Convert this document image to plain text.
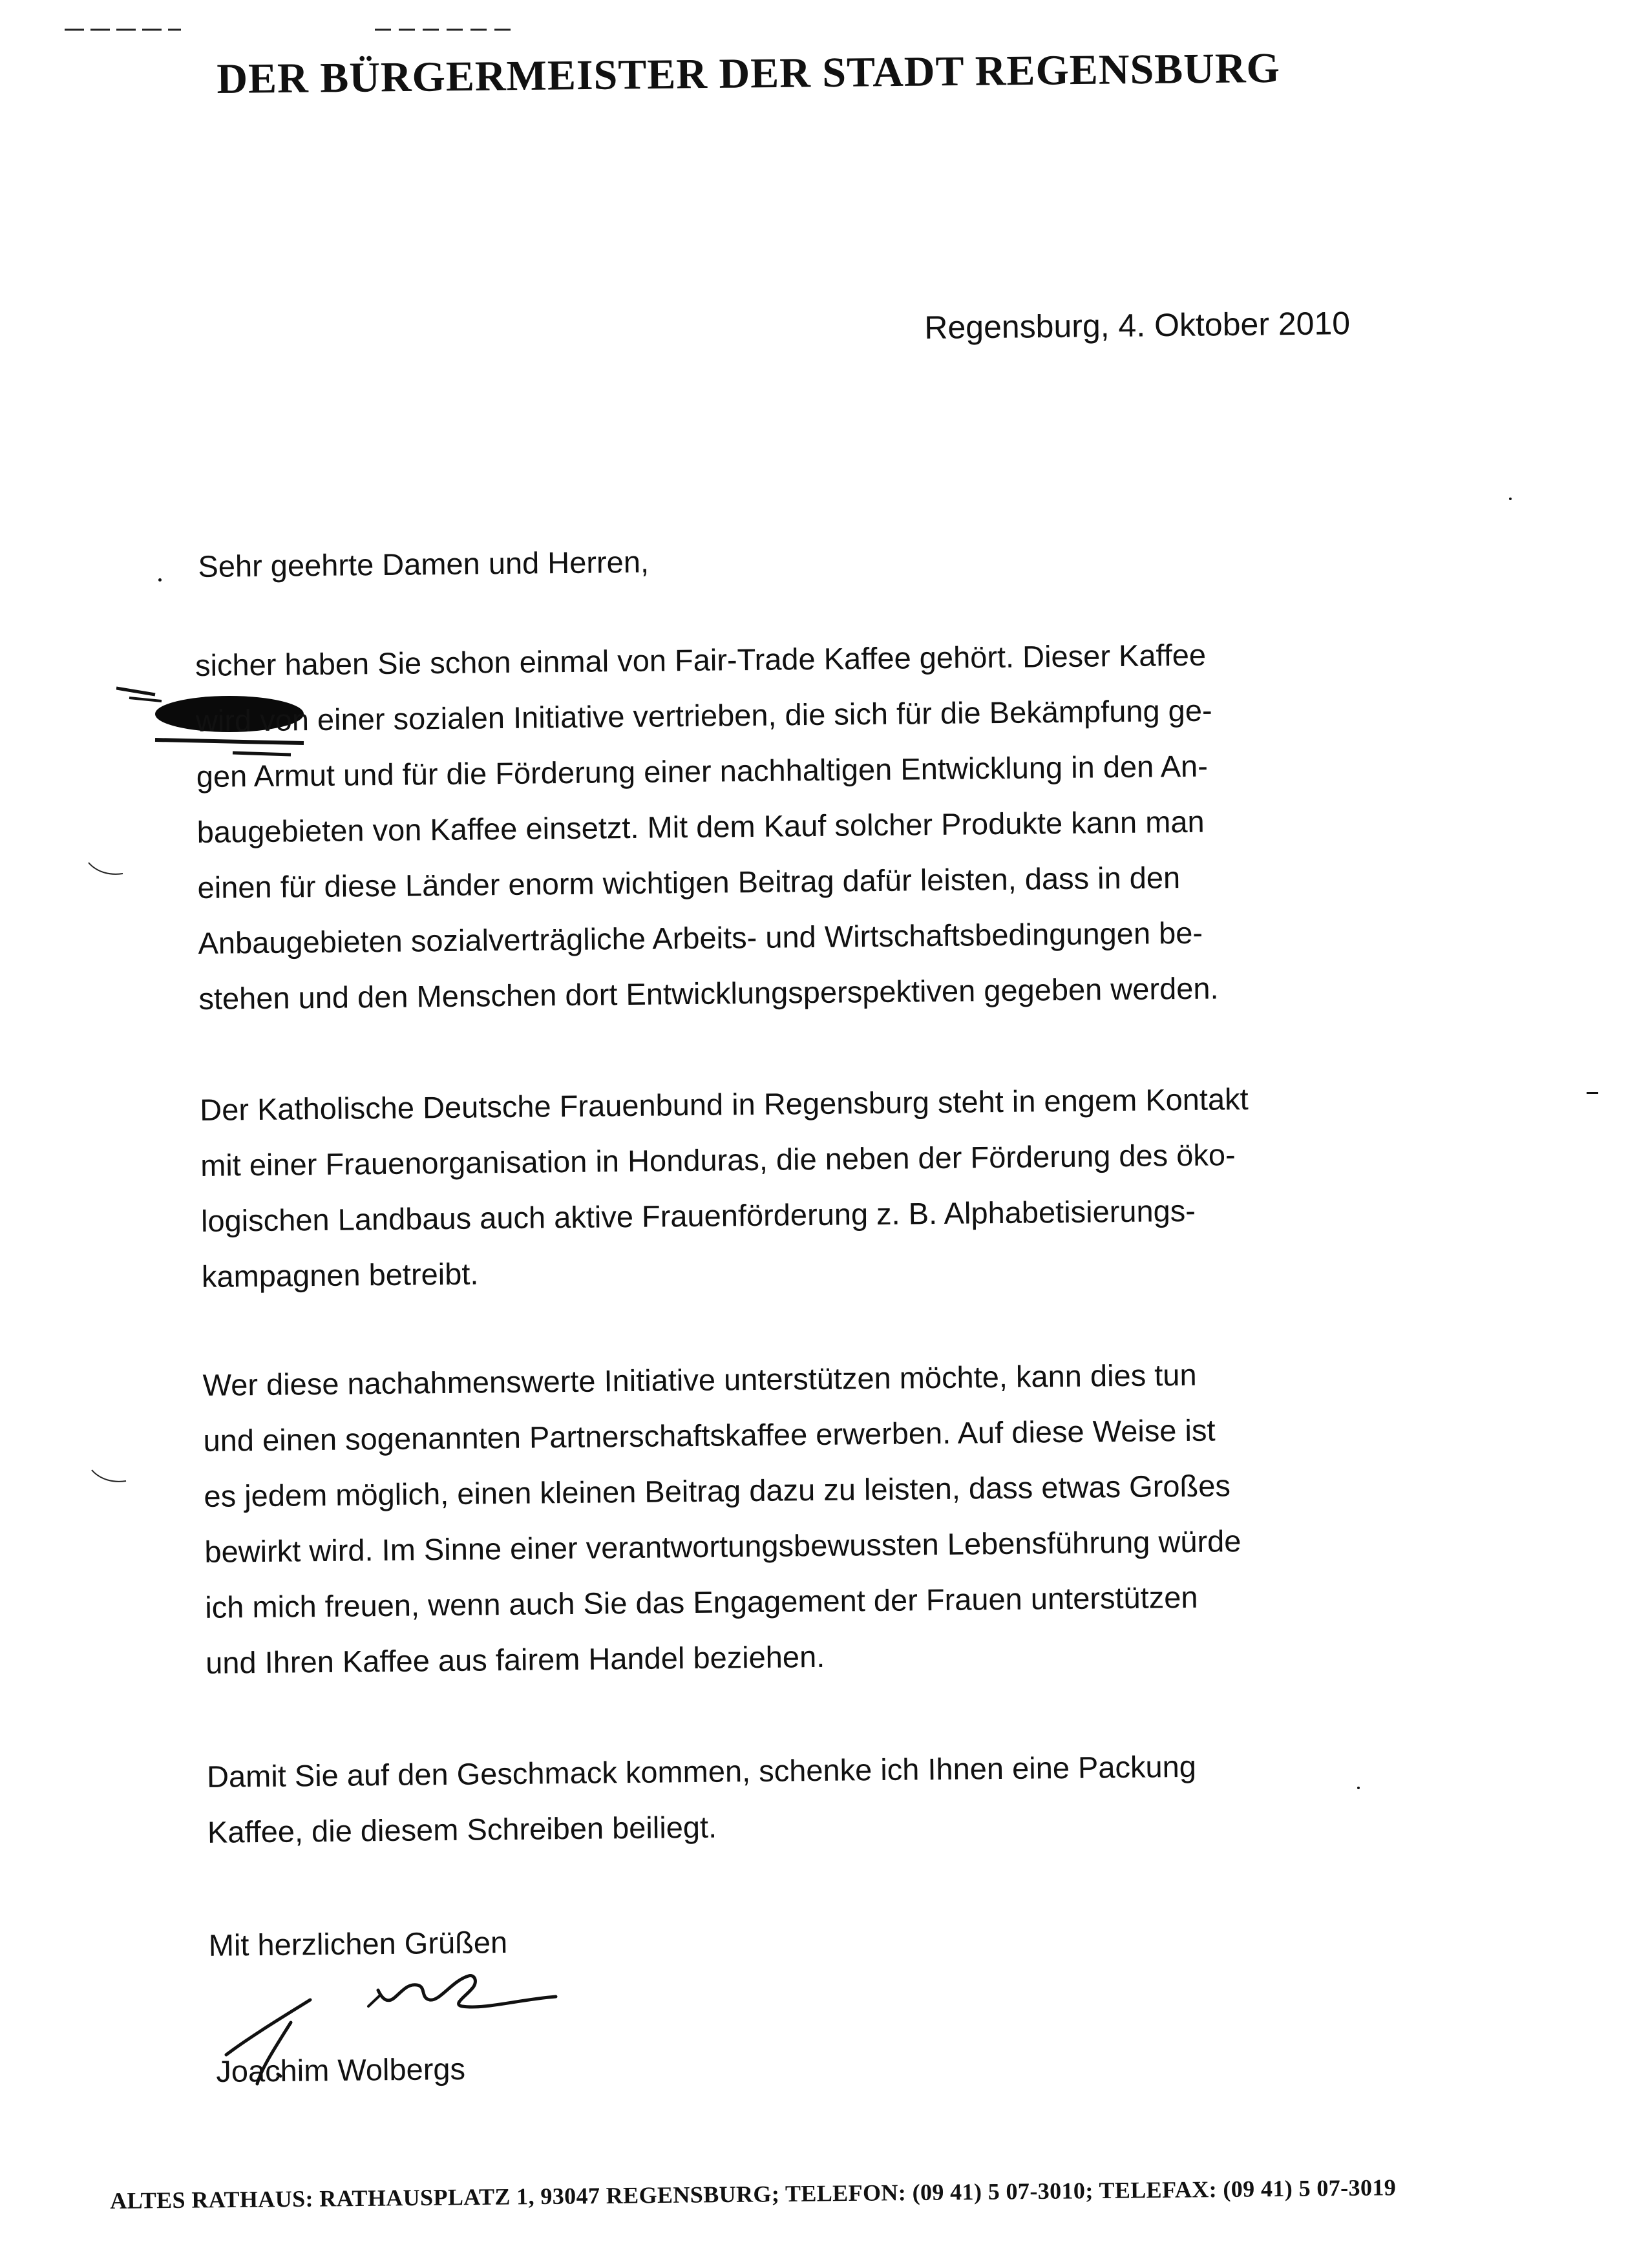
DER BÜRGERMEISTER DER STADT REGENSBURG
Regensburg, 4. Oktober 2010

Sehr geehrte Damen und Herren,

sicher haben Sie schon einmal von Fair-Trade Kaffee gehört. Dieser Kaffee
wird von einer sozialen Initiative vertrieben, die sich für die Bekämpfung ge-
gen Armut und für die Förderung einer nachhaltigen Entwicklung in den An-
baugebieten von Kaffee einsetzt. Mit dem Kauf solcher Produkte kann man
einen für diese Länder enorm wichtigen Beitrag dafür leisten, dass in den
Anbaugebieten sozialverträgliche Arbeits- und Wirtschaftsbedingungen be-
stehen und den Menschen dort Entwicklungsperspektiven gegeben werden.

Der Katholische Deutsche Frauenbund in Regensburg steht in engem Kontakt
mit einer Frauenorganisation in Honduras, die neben der Förderung des öko-
logischen Landbaus auch aktive Frauenförderung z. B. Alphabetisierungs-
kampagnen betreibt.

Wer diese nachahmenswerte Initiative unterstützen möchte, kann dies tun
und einen sogenannten Partnerschaftskaffee erwerben. Auf diese Weise ist
es jedem möglich, einen kleinen Beitrag dazu zu leisten, dass etwas Großes
bewirkt wird. Im Sinne einer verantwortungsbewussten Lebensführung würde
ich mich freuen, wenn auch Sie das Engagement der Frauen unterstützen
und Ihren Kaffee aus fairem Handel beziehen.

Damit Sie auf den Geschmack kommen, schenke ich Ihnen eine Packung
Kaffee, die diesem Schreiben beiliegt.

Mit herzlichen Grüßen

Joachim Wolbergs
ALTES RATHAUS: RATHAUSPLATZ 1, 93047 REGENSBURG; TELEFON: (09 41) 5 07-3010; TELEFAX: (09 41) 5 07-3019
